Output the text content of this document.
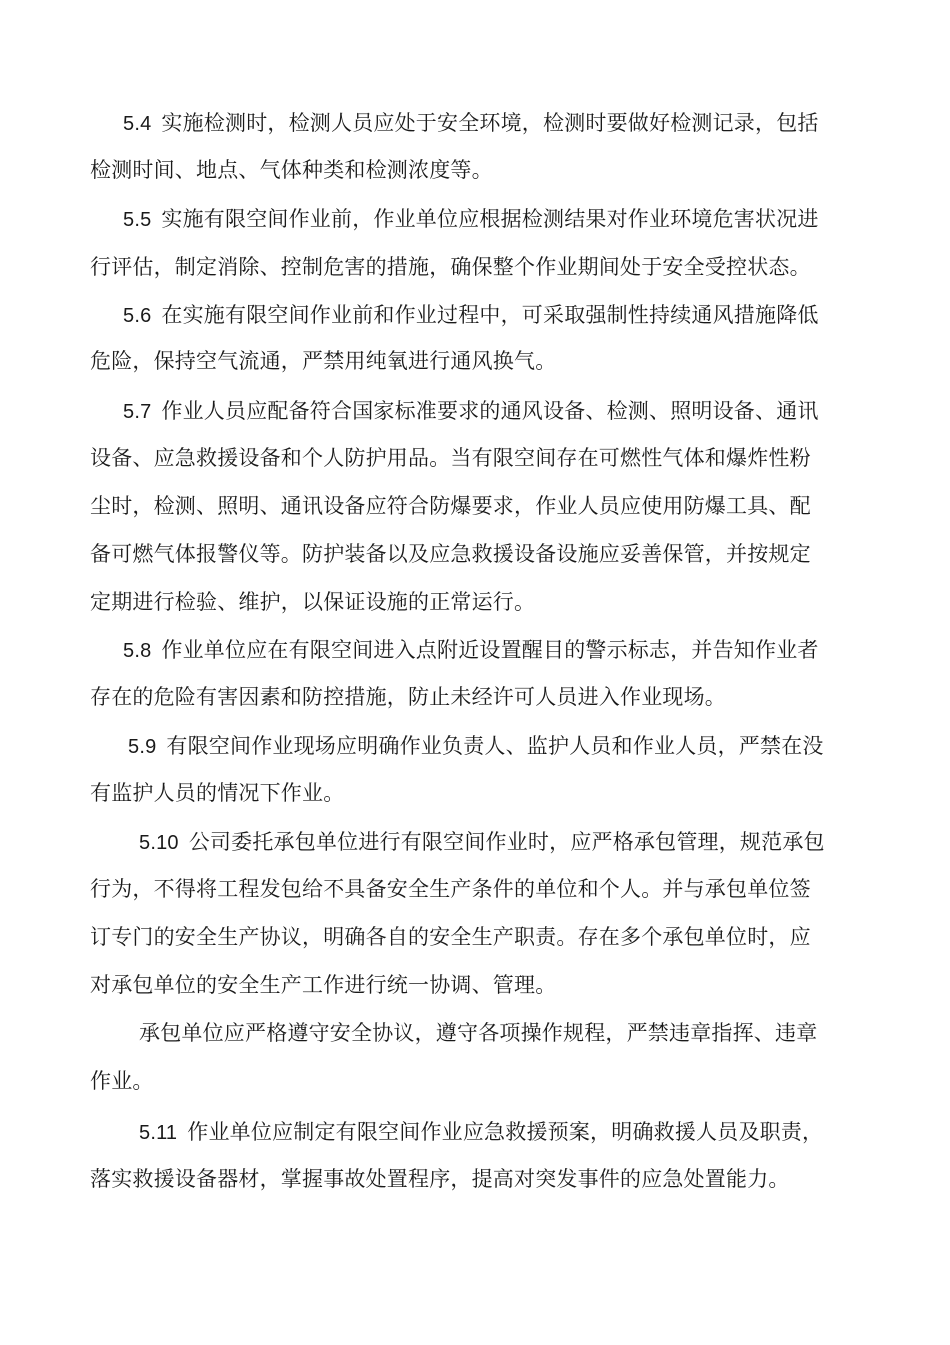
5.4 实施检测时，检测人员应处于安全环境，检测时要做好检测记录，包括
检测时间、地点、气体种类和检测浓度等。
5.5 实施有限空间作业前，作业单位应根据检测结果对作业环境危害状况进
行评估，制定消除、控制危害的措施，确保整个作业期间处于安全受控状态。
5.6 在实施有限空间作业前和作业过程中，可采取强制性持续通风措施降低
危险，保持空气流通，严禁用纯氧进行通风换气。
5.7 作业人员应配备符合国家标准要求的通风设备、检测、照明设备、通讯
设备、应急救援设备和个人防护用品。当有限空间存在可燃性气体和爆炸性粉
尘时，检测、照明、通讯设备应符合防爆要求，作业人员应使用防爆工具、配
备可燃气体报警仪等。防护装备以及应急救援设备设施应妥善保管，并按规定
定期进行检验、维护，以保证设施的正常运行。
5.8 作业单位应在有限空间进入点附近设置醒目的警示标志，并告知作业者
存在的危险有害因素和防控措施，防止未经许可人员进入作业现场。
5.9 有限空间作业现场应明确作业负责人、监护人员和作业人员，严禁在没
有监护人员的情况下作业。
5.10 公司委托承包单位进行有限空间作业时，应严格承包管理，规范承包
行为，不得将工程发包给不具备安全生产条件的单位和个人。并与承包单位签
订专门的安全生产协议，明确各自的安全生产职责。存在多个承包单位时，应
对承包单位的安全生产工作进行统一协调、管理。
承包单位应严格遵守安全协议，遵守各项操作规程，严禁违章指挥、违章
作业。
5.11 作业单位应制定有限空间作业应急救援预案，明确救援人员及职责，
落实救援设备器材，掌握事故处置程序，提高对突发事件的应急处置能力。
